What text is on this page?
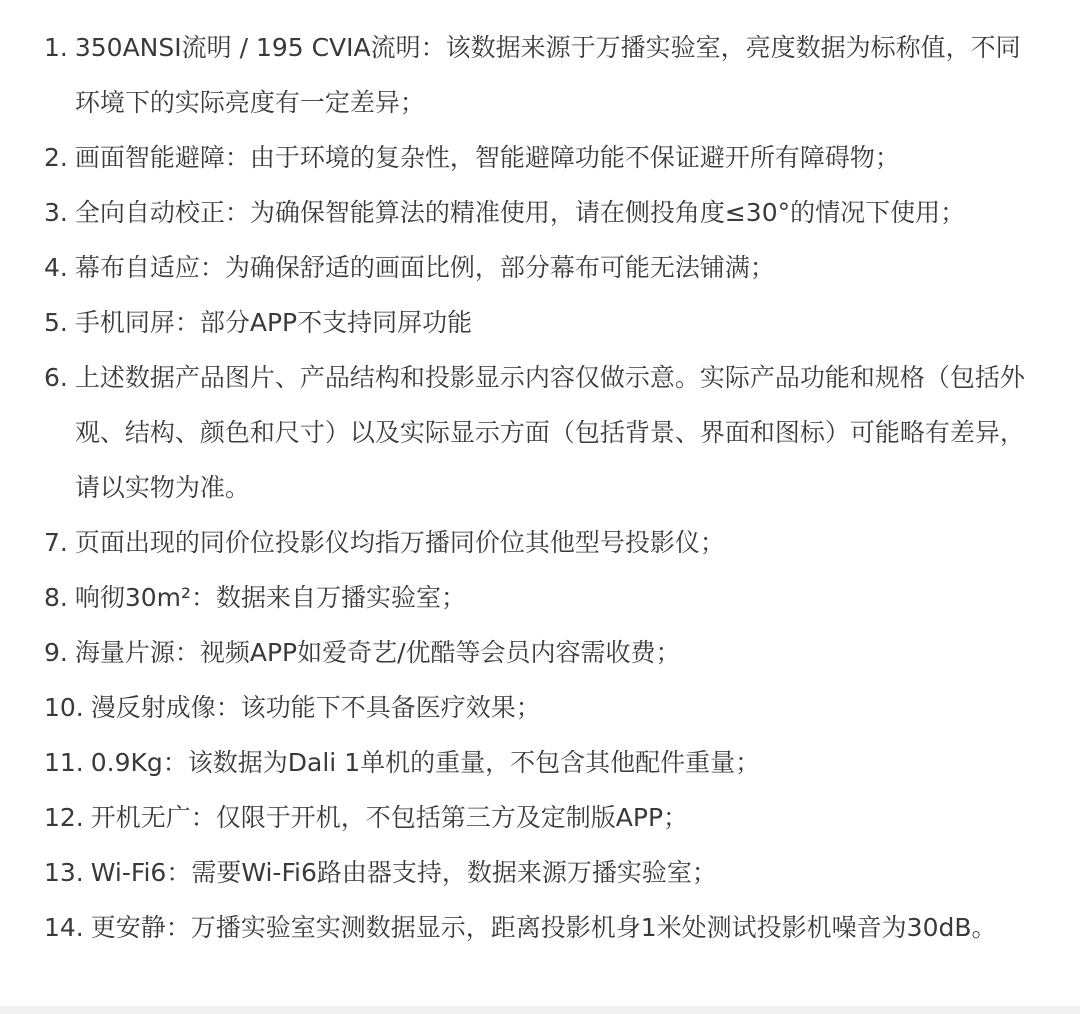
1. 350ANSI流明 / 195 CVIA流明：该数据来源于万播实验室，亮度数据为标称值，不同环境下的实际亮度有一定差异；
2. 画面智能避障：由于环境的复杂性，智能避障功能不保证避开所有障碍物；
3. 全向自动校正：为确保智能算法的精准使用，请在侧投角度≤30°的情况下使用；
4. 幕布自适应：为确保舒适的画面比例，部分幕布可能无法铺满；
5. 手机同屏：部分APP不支持同屏功能
6. 上述数据产品图片、产品结构和投影显示内容仅做示意。实际产品功能和规格（包括外观、结构、颜色和尺寸）以及实际显示方面（包括背景、界面和图标）可能略有差异，请以实物为准。
7. 页面出现的同价位投影仪均指万播同价位其他型号投影仪；
8. 响彻30m²：数据来自万播实验室；
9. 海量片源：视频APP如爱奇艺/优酷等会员内容需收费；
10. 漫反射成像：该功能下不具备医疗效果；
11. 0.9Kg：该数据为Dali 1单机的重量，不包含其他配件重量；
12. 开机无广：仅限于开机，不包括第三方及定制版APP；
13. Wi-Fi6：需要Wi-Fi6路由器支持，数据来源万播实验室；
14. 更安静：万播实验室实测数据显示，距离投影机身1米处测试投影机噪音为30dB。
